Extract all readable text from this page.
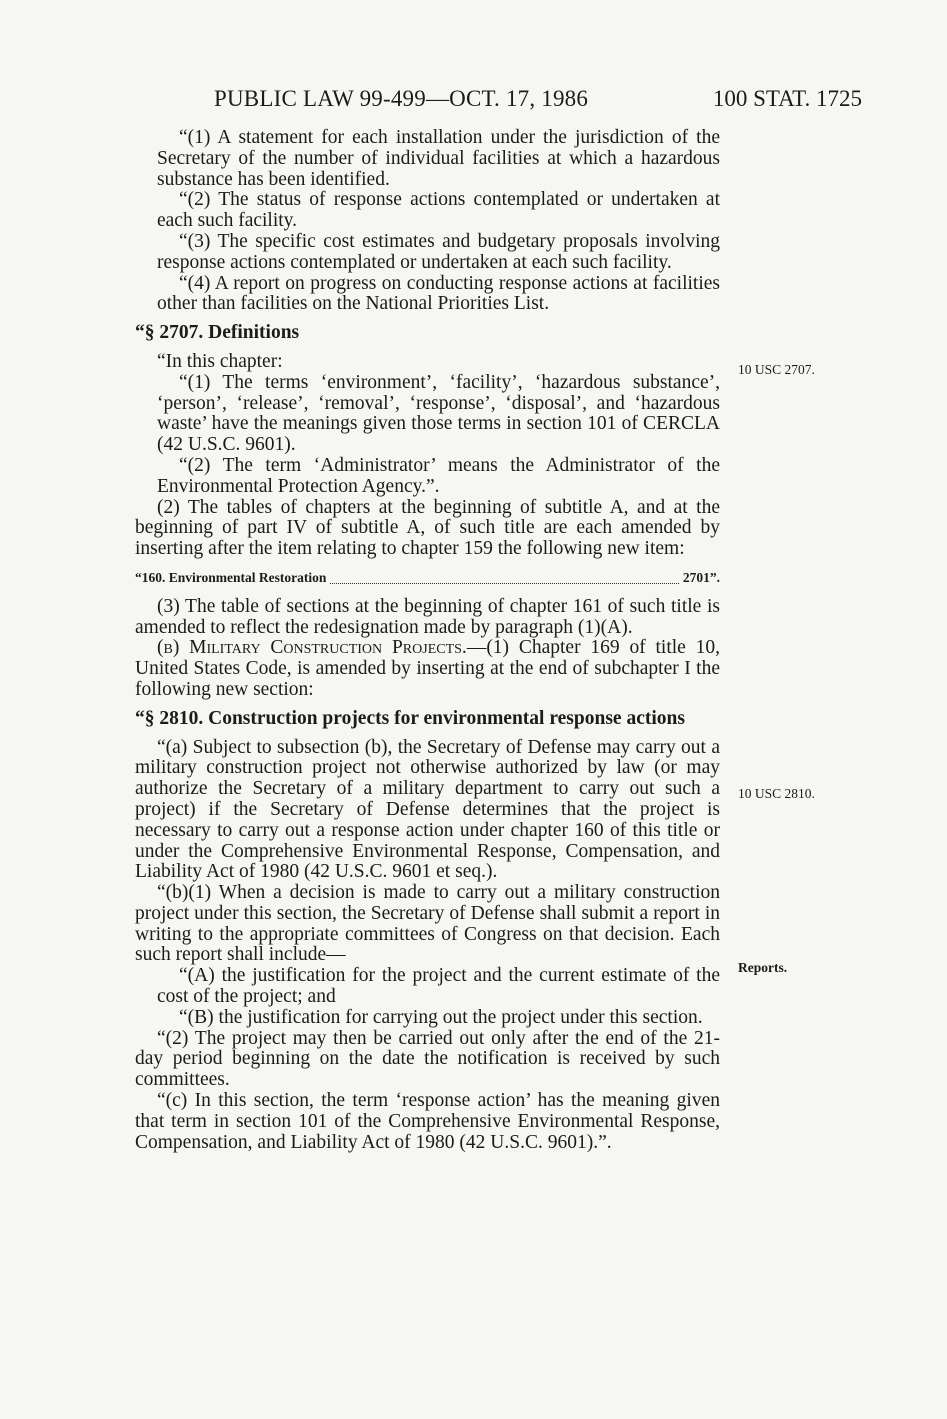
PUBLIC LAW 99-499—OCT. 17, 1986	100 STAT. 1725

“(1) A statement for each installation under the jurisdiction of the Secretary of the number of individual facilities at which a hazardous substance has been identified.

“(2) The status of response actions contemplated or undertaken at each such facility.

“(3) The specific cost estimates and budgetary proposals involving response actions contemplated or undertaken at each such facility.

“(4) A report on progress on conducting response actions at facilities other than facilities on the National Priorities List.

“§ 2707. Definitions

“In this chapter:

“(1) The terms ‘environment’, ‘facility’, ‘hazardous substance’, ‘person’, ‘release’, ‘removal’, ‘response’, ‘disposal’, and ‘hazardous waste’ have the meanings given those terms in section 101 of CERCLA (42 U.S.C. 9601).

“(2) The term ‘Administrator’ means the Administrator of the Environmental Protection Agency.”.

(2) The tables of chapters at the beginning of subtitle A, and at the beginning of part IV of subtitle A, of such title are each amended by inserting after the item relating to chapter 159 the following new item:

“160. Environmental Restoration	2701”.

(3) The table of sections at the beginning of chapter 161 of such title is amended to reflect the redesignation made by paragraph (1)(A).

(b) Military Construction Projects.—(1) Chapter 169 of title 10, United States Code, is amended by inserting at the end of subchapter I the following new section:

“§ 2810. Construction projects for environmental response actions

“(a) Subject to subsection (b), the Secretary of Defense may carry out a military construction project not otherwise authorized by law (or may authorize the Secretary of a military department to carry out such a project) if the Secretary of Defense determines that the project is necessary to carry out a response action under chapter 160 of this title or under the Comprehensive Environmental Response, Compensation, and Liability Act of 1980 (42 U.S.C. 9601 et seq.).

“(b)(1) When a decision is made to carry out a military construction project under this section, the Secretary of Defense shall submit a report in writing to the appropriate committees of Congress on that decision. Each such report shall include—

“(A) the justification for the project and the current estimate of the cost of the project; and

“(B) the justification for carrying out the project under this section.

“(2) The project may then be carried out only after the end of the 21-day period beginning on the date the notification is received by such committees.

“(c) In this section, the term ‘response action’ has the meaning given that term in section 101 of the Comprehensive Environmental Response, Compensation, and Liability Act of 1980 (42 U.S.C. 9601).”.

10 USC 2707.
10 USC 2810.
Reports.
